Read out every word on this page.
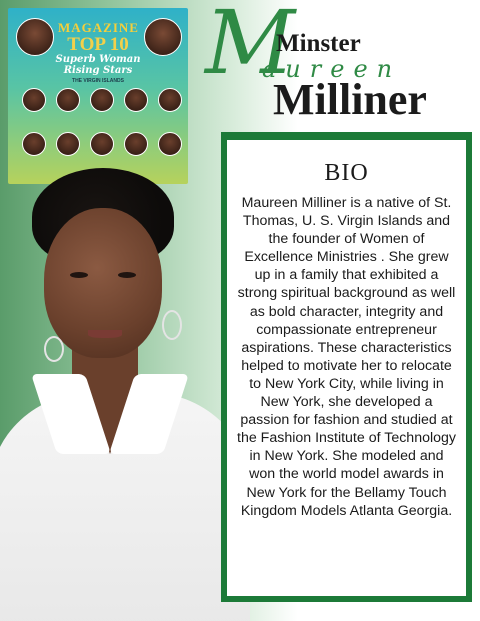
MAGAZINE
TOP 10
Superb Woman Rising Stars
THE VIRGIN ISLANDS M
Minster
aureen
Milliner
BIO
Maureen Milliner is a native of St. Thomas, U. S. Virgin Islands and the founder of Women of Excellence Ministries . She grew up in a family that exhibited a strong spiritual background as well as bold character, integrity and compassionate entrepreneur aspirations. These characteristics helped to motivate her to relocate to New York City, while living in New York, she developed a passion for fashion and studied at the Fashion Institute of Technology in New York. She modeled and won the world model awards in New York for the Bellamy Touch Kingdom Models Atlanta Georgia.
